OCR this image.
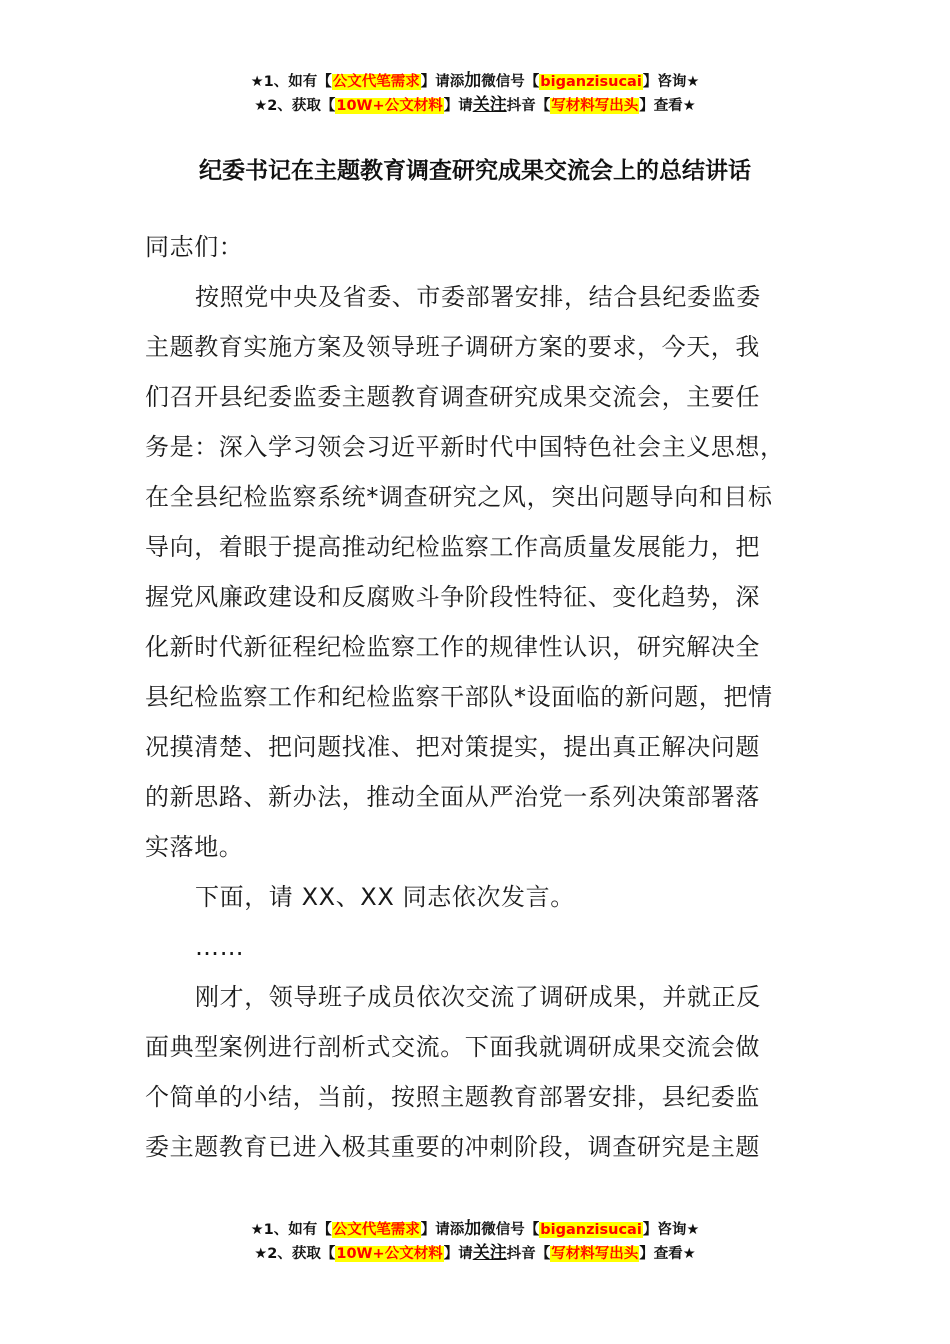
★1、如有【公文代笔需求】请添加微信号【biganzisucai】咨询★
★2、获取【10W+公文材料】请关注抖音【写材料写出头】查看★
纪委书记在主题教育调查研究成果交流会上的总结讲话

同志们：

按照党中央及省委、市委部署安排，结合县纪委监委
主题教育实施方案及领导班子调研方案的要求，今天，我
们召开县纪委监委主题教育调查研究成果交流会，主要任
务是：深入学习领会习近平新时代中国特色社会主义思想，
在全县纪检监察系统*调查研究之风，突出问题导向和目标
导向，着眼于提高推动纪检监察工作高质量发展能力，把
握党风廉政建设和反腐败斗争阶段性特征、变化趋势，深
化新时代新征程纪检监察工作的规律性认识，研究解决全
县纪检监察工作和纪检监察干部队*设面临的新问题，把情
况摸清楚、把问题找准、把对策提实，提出真正解决问题
的新思路、新办法，推动全面从严治党一系列决策部署落
实落地。

下面，请 XX、XX 同志依次发言。

……

刚才，领导班子成员依次交流了调研成果，并就正反
面典型案例进行剖析式交流。下面我就调研成果交流会做
个简单的小结，当前，按照主题教育部署安排，县纪委监
委主题教育已进入极其重要的冲刺阶段，调查研究是主题

★1、如有【公文代笔需求】请添加微信号【biganzisucai】咨询★
★2、获取【10W+公文材料】请关注抖音【写材料写出头】查看★
